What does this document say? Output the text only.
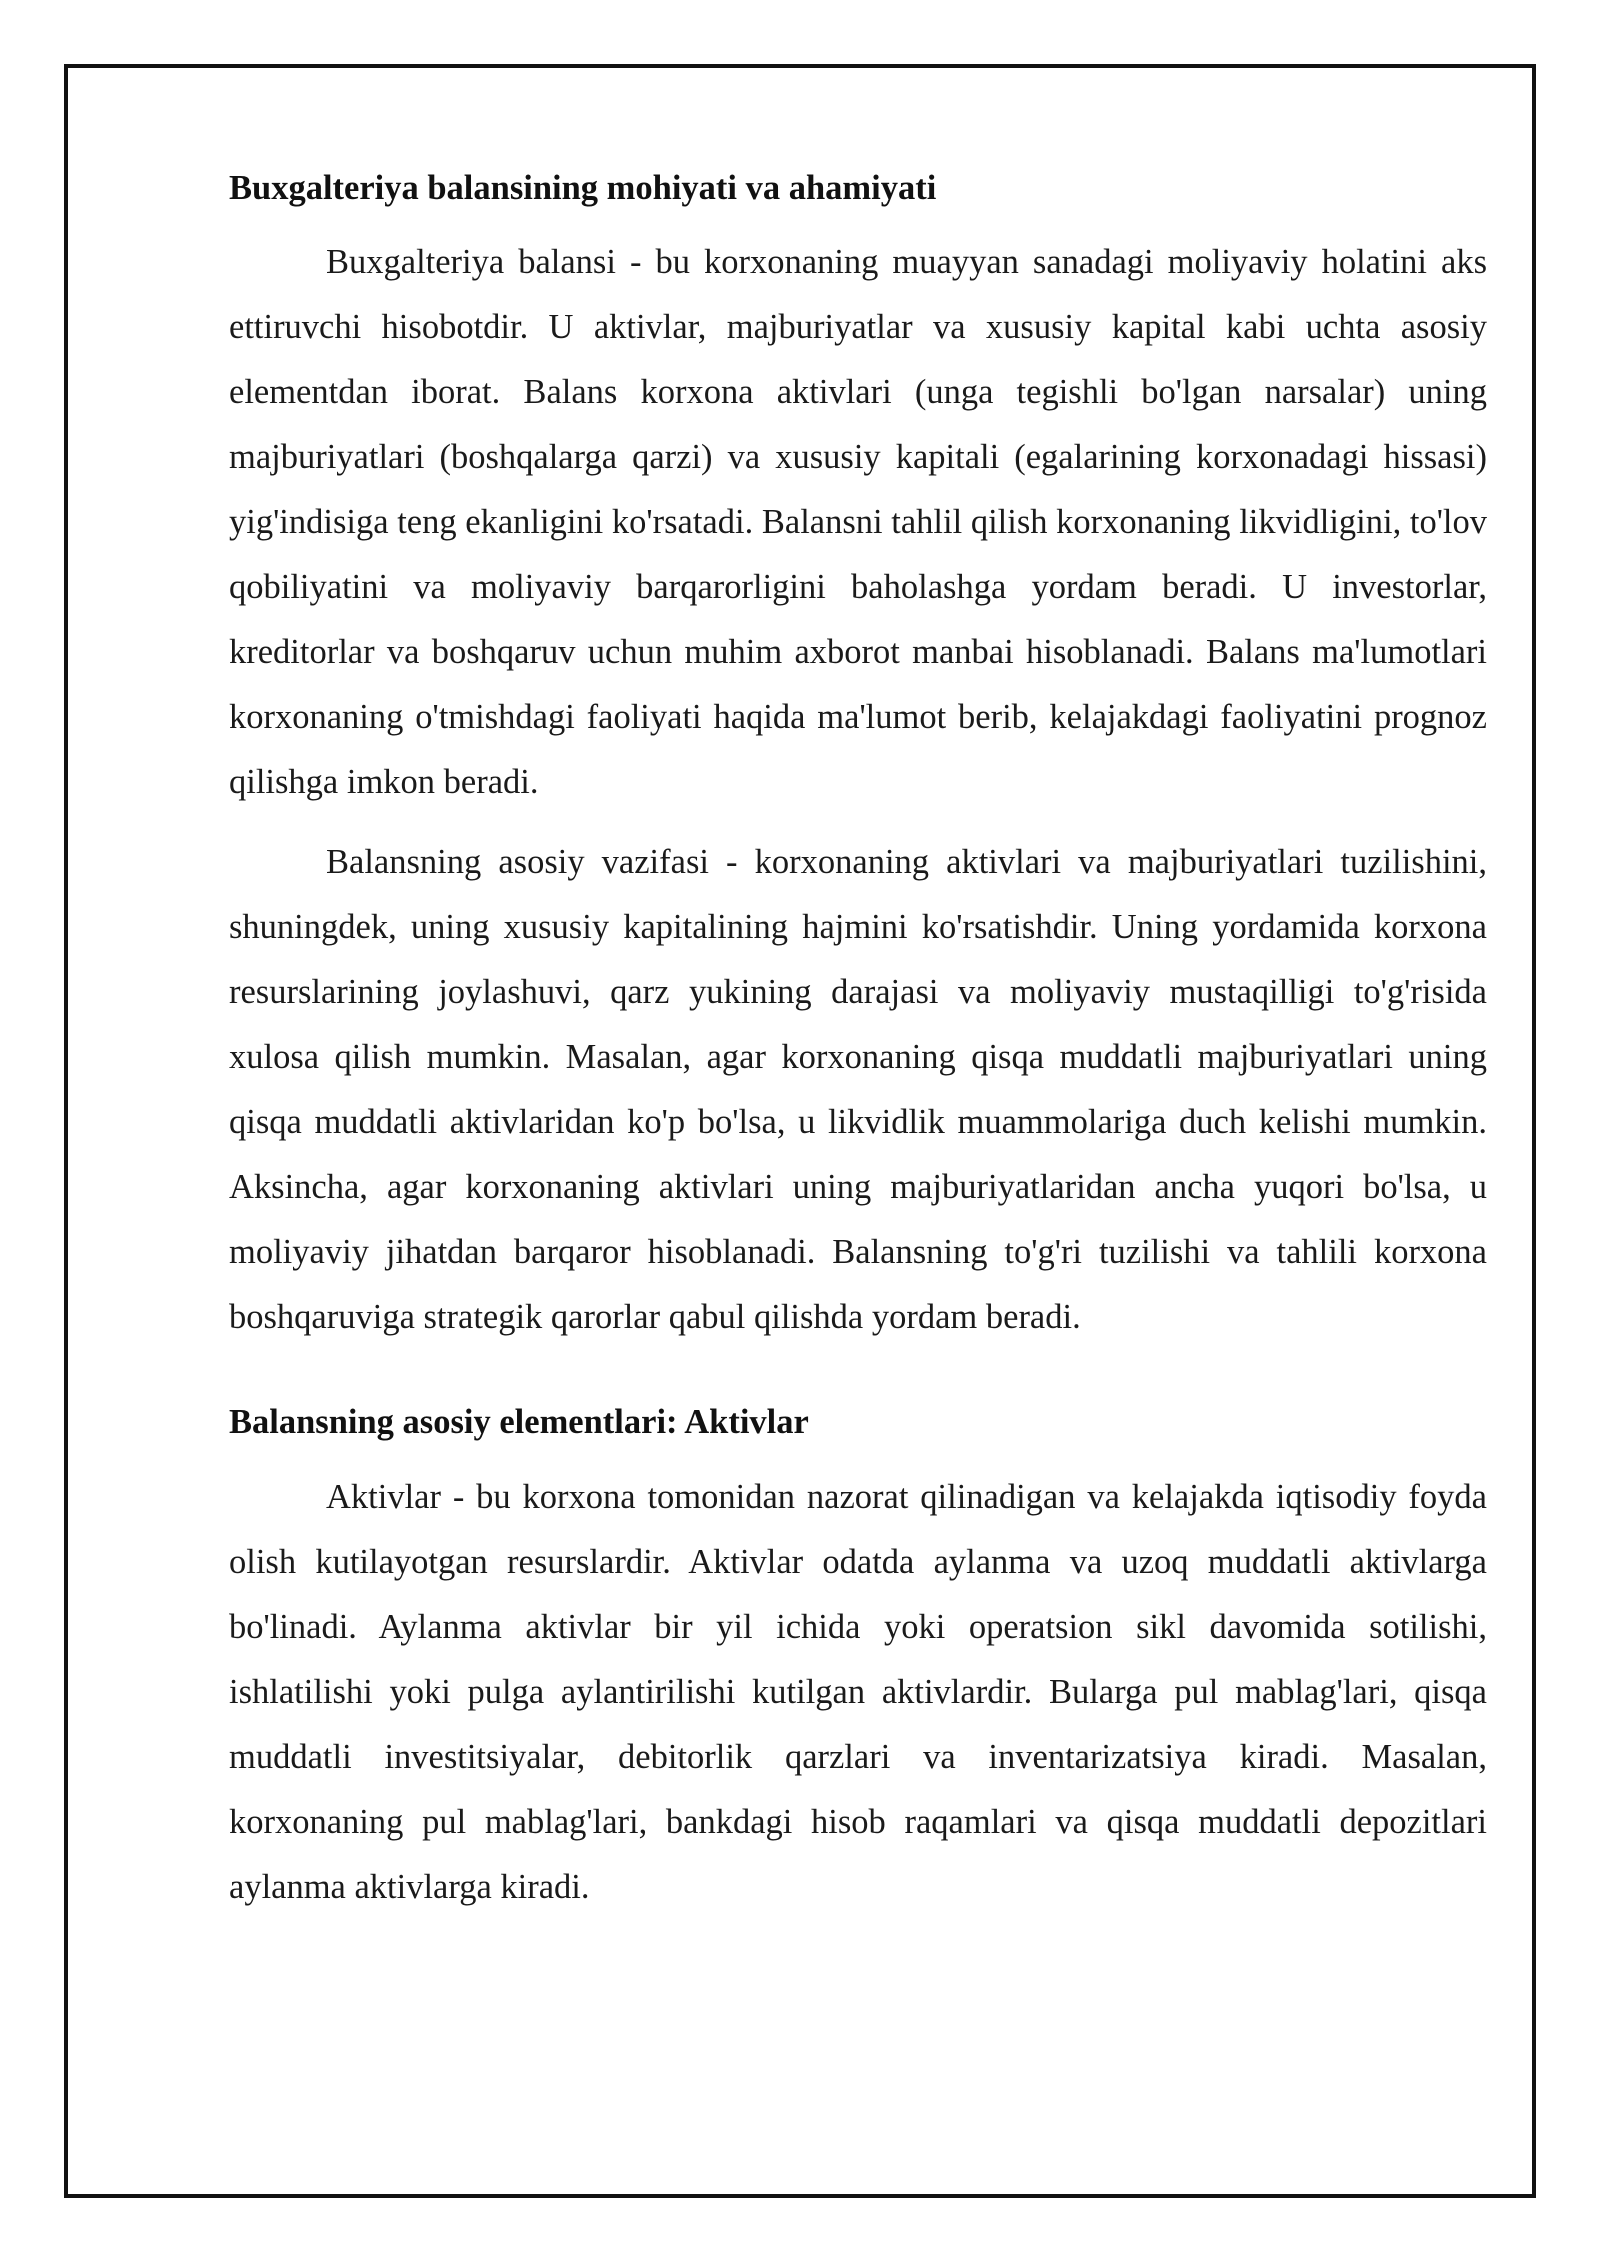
Buxgalteriya balansining mohiyati va ahamiyati

Buxgalteriya balansi - bu korxonaning muayyan sanadagi moliyaviy holatini aks ettiruvchi hisobotdir. U aktivlar, majburiyatlar va xususiy kapital kabi uchta asosiy elementdan iborat. Balans korxona aktivlari (unga tegishli bo'lgan narsalar) uning majburiyatlari (boshqalarga qarzi) va xususiy kapitali (egalarining korxonadagi hissasi) yig'indisiga teng ekanligini ko'rsatadi. Balansni tahlil qilish korxonaning likvidligini, to'lov qobiliyatini va moliyaviy barqarorligini baholashga yordam beradi. U investorlar, kreditorlar va boshqaruv uchun muhim axborot manbai hisoblanadi. Balans ma'lumotlari korxonaning o'tmishdagi faoliyati haqida ma'lumot berib, kelajakdagi faoliyatini prognoz qilishga imkon beradi.

Balansning asosiy vazifasi - korxonaning aktivlari va majburiyatlari tuzilishini, shuningdek, uning xususiy kapitalining hajmini ko'rsatishdir. Uning yordamida korxona resurslarining joylashuvi, qarz yukining darajasi va moliyaviy mustaqilligi to'g'risida xulosa qilish mumkin. Masalan, agar korxonaning qisqa muddatli majburiyatlari uning qisqa muddatli aktivlaridan ko'p bo'lsa, u likvidlik muammolariga duch kelishi mumkin. Aksincha, agar korxonaning aktivlari uning majburiyatlaridan ancha yuqori bo'lsa, u moliyaviy jihatdan barqaror hisoblanadi. Balansning to'g'ri tuzilishi va tahlili korxona boshqaruviga strategik qarorlar qabul qilishda yordam beradi.

Balansning asosiy elementlari: Aktivlar

Aktivlar - bu korxona tomonidan nazorat qilinadigan va kelajakda iqtisodiy foyda olish kutilayotgan resurslardir. Aktivlar odatda aylanma va uzoq muddatli aktivlarga bo'linadi. Aylanma aktivlar bir yil ichida yoki operatsion sikl davomida sotilishi, ishlatilishi yoki pulga aylantirilishi kutilgan aktivlardir. Bularga pul mablag'lari, qisqa muddatli investitsiyalar, debitorlik qarzlari va inventarizatsiya kiradi. Masalan, korxonaning pul mablag'lari, bankdagi hisob raqamlari va qisqa muddatli depozitlari aylanma aktivlarga kiradi.
